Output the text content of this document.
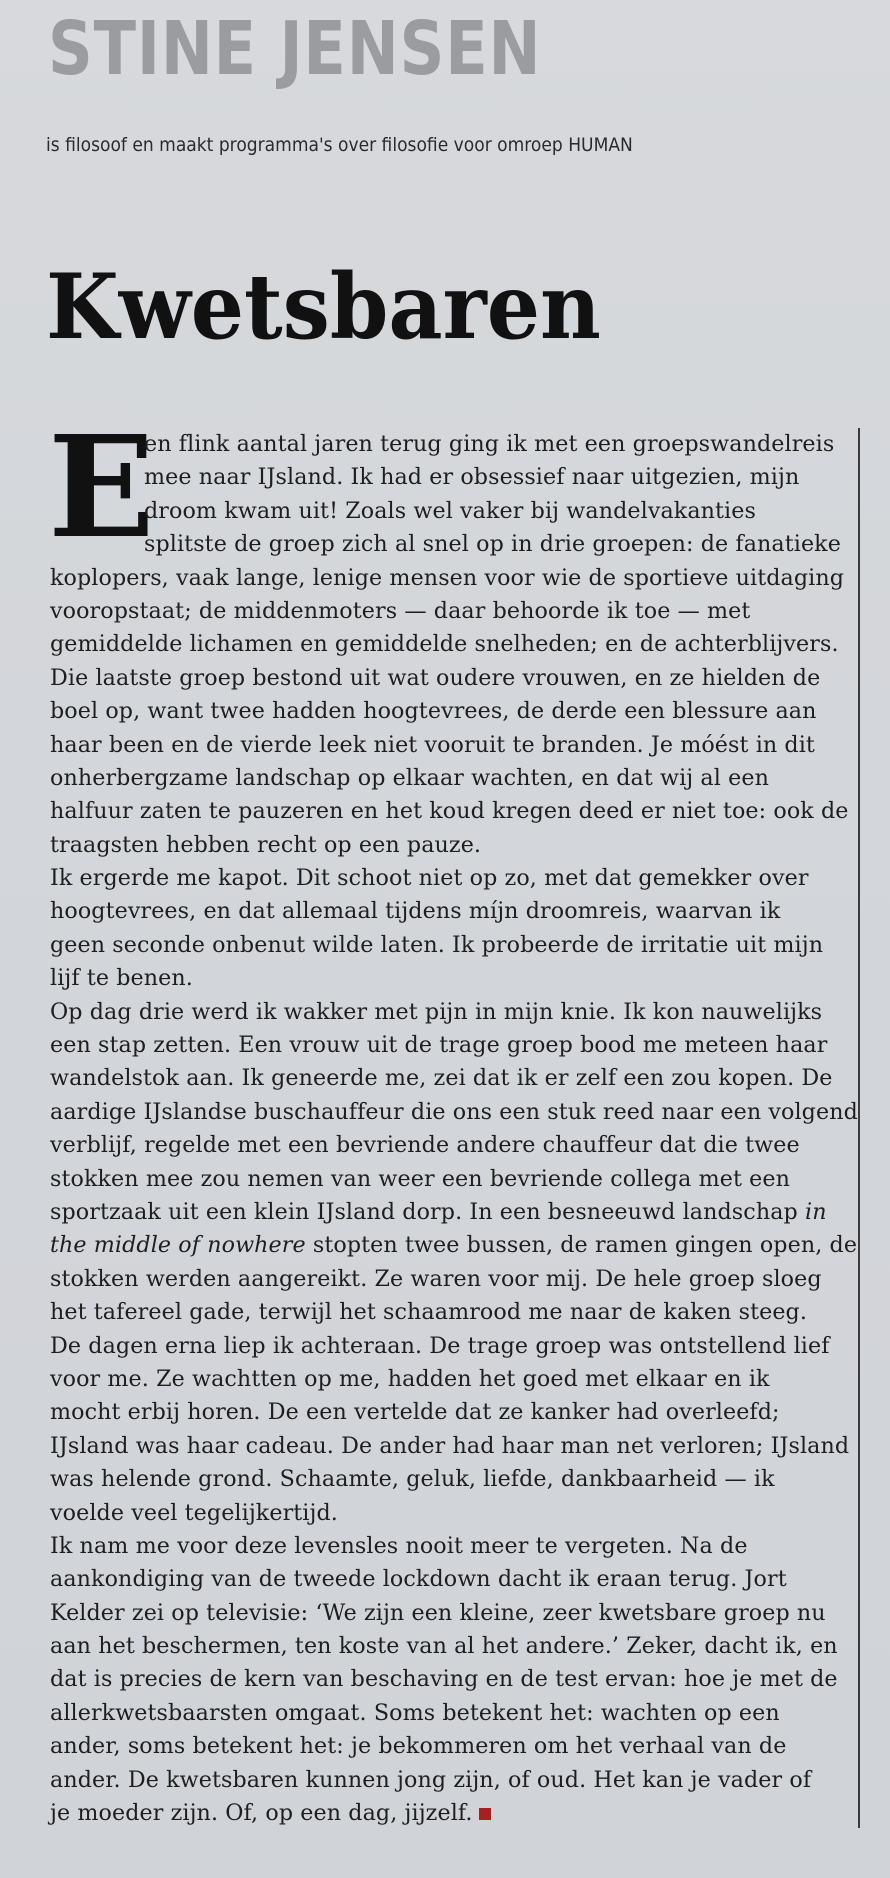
STINE JENSEN
is filosoof en maakt programma's over filosofie voor omroep HUMAN
Kwetsbaren
E
en flink aantal jaren terug ging ik met een groepswandelreis
mee naar IJsland. Ik had er obsessief naar uitgezien, mijn
droom kwam uit! Zoals wel vaker bij wandelvakanties
splitste de groep zich al snel op in drie groepen: de fanatieke
koplopers, vaak lange, lenige mensen voor wie de sportieve uitdaging
vooropstaat; de middenmoters — daar behoorde ik toe — met
gemiddelde lichamen en gemiddelde snelheden; en de achterblijvers.
Die laatste groep bestond uit wat oudere vrouwen, en ze hielden de
boel op, want twee hadden hoogtevrees, de derde een blessure aan
haar been en de vierde leek niet vooruit te branden. Je móést in dit
onherbergzame landschap op elkaar wachten, en dat wij al een
halfuur zaten te pauzeren en het koud kregen deed er niet toe: ook de
traagsten hebben recht op een pauze.
Ik ergerde me kapot. Dit schoot niet op zo, met dat gemekker over
hoogtevrees, en dat allemaal tijdens míjn droomreis, waarvan ik
geen seconde onbenut wilde laten. Ik probeerde de irritatie uit mijn
lijf te benen.
Op dag drie werd ik wakker met pijn in mijn knie. Ik kon nauwelijks
een stap zetten. Een vrouw uit de trage groep bood me meteen haar
wandelstok aan. Ik geneerde me, zei dat ik er zelf een zou kopen. De
aardige IJslandse buschauffeur die ons een stuk reed naar een volgend
verblijf, regelde met een bevriende andere chauffeur dat die twee
stokken mee zou nemen van weer een bevriende collega met een
sportzaak uit een klein IJsland dorp. In een besneeuwd landschap in
the middle of nowhere stopten twee bussen, de ramen gingen open, de
stokken werden aangereikt. Ze waren voor mij. De hele groep sloeg
het tafereel gade, terwijl het schaamrood me naar de kaken steeg.
De dagen erna liep ik achteraan. De trage groep was ontstellend lief
voor me. Ze wachtten op me, hadden het goed met elkaar en ik
mocht erbij horen. De een vertelde dat ze kanker had overleefd;
IJsland was haar cadeau. De ander had haar man net verloren; IJsland
was helende grond. Schaamte, geluk, liefde, dankbaarheid — ik
voelde veel tegelijkertijd.
Ik nam me voor deze levensles nooit meer te vergeten. Na de
aankondiging van de tweede lockdown dacht ik eraan terug. Jort
Kelder zei op televisie: ‘We zijn een kleine, zeer kwetsbare groep nu
aan het beschermen, ten koste van al het andere.’ Zeker, dacht ik, en
dat is precies de kern van beschaving en de test ervan: hoe je met de
allerkwetsbaarsten omgaat. Soms betekent het: wachten op een
ander, soms betekent het: je bekommeren om het verhaal van de
ander. De kwetsbaren kunnen jong zijn, of oud. Het kan je vader of
je moeder zijn. Of, op een dag, jijzelf.
